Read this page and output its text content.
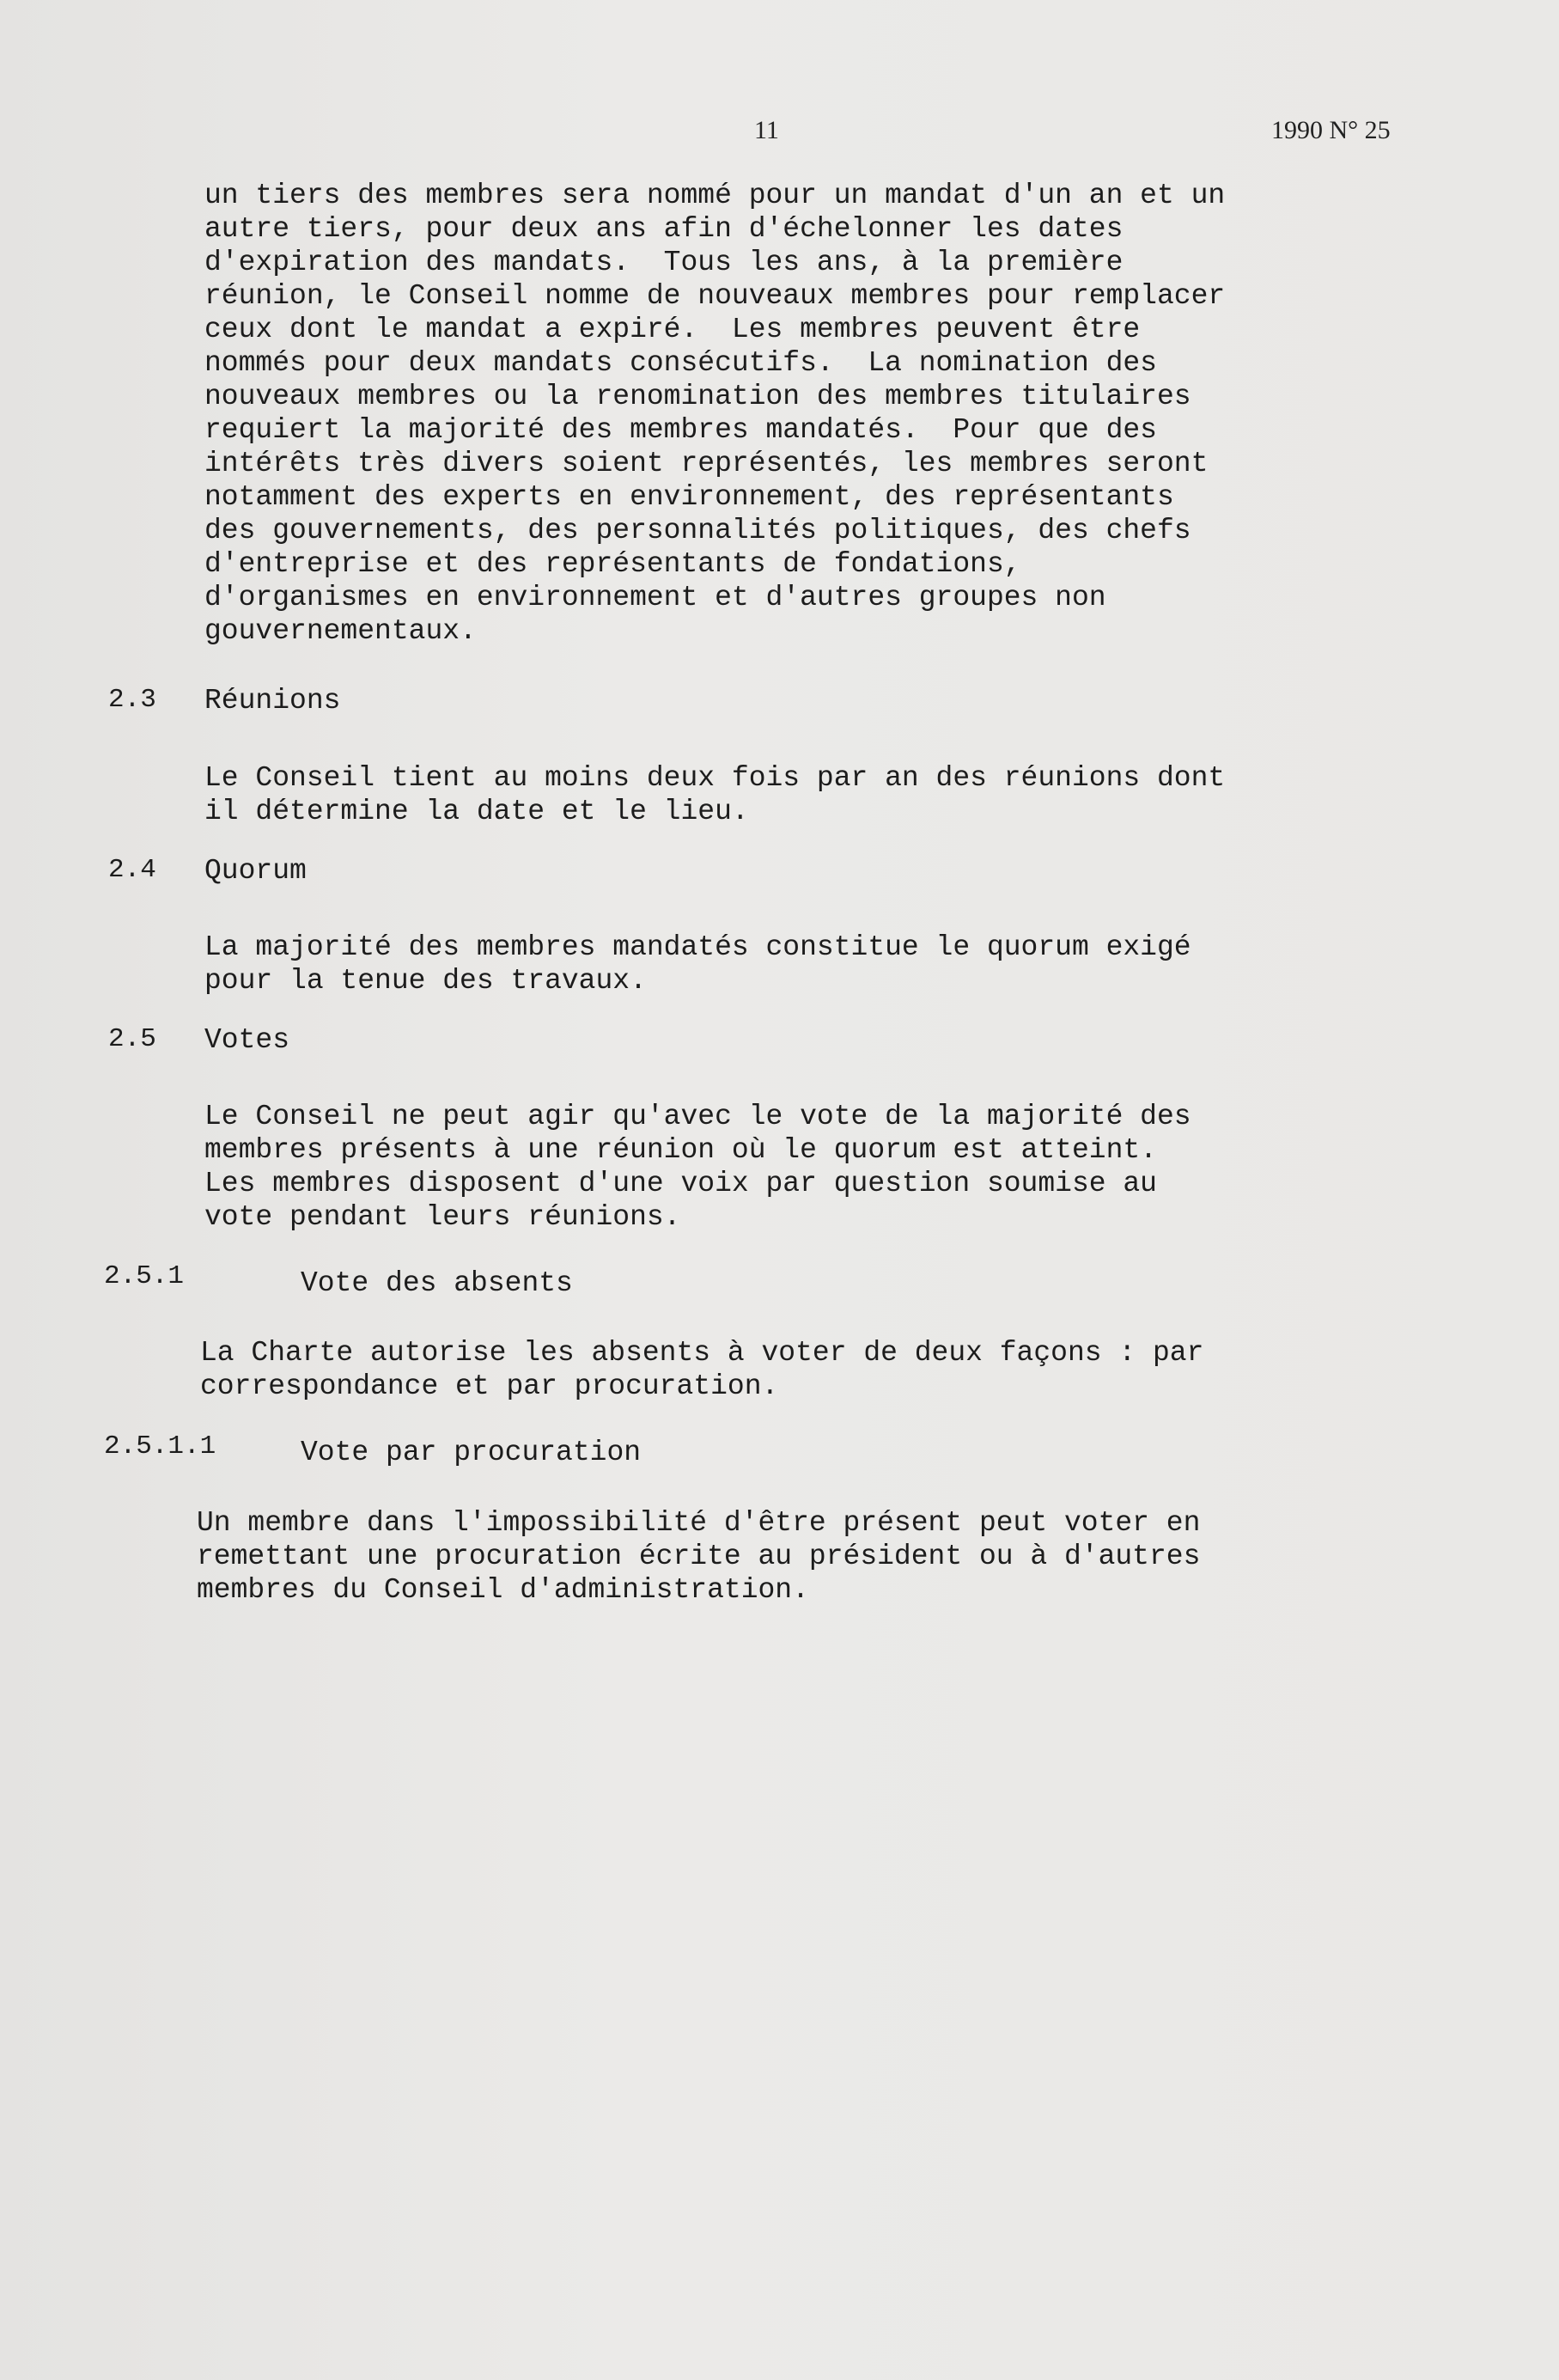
11	1990 N° 25

un tiers des membres sera nommé pour un mandat d'un an et un
autre tiers, pour deux ans afin d'échelonner les dates
d'expiration des mandats.  Tous les ans, à la première
réunion, le Conseil nomme de nouveaux membres pour remplacer
ceux dont le mandat a expiré.  Les membres peuvent être
nommés pour deux mandats consécutifs.  La nomination des
nouveaux membres ou la renomination des membres titulaires
requiert la majorité des membres mandatés.  Pour que des
intérêts très divers soient représentés, les membres seront
notamment des experts en environnement, des représentants
des gouvernements, des personnalités politiques, des chefs
d'entreprise et des représentants de fondations,
d'organismes en environnement et d'autres groupes non
gouvernementaux.

2.3 Réunions

Le Conseil tient au moins deux fois par an des réunions dont
il détermine la date et le lieu.

2.4 Quorum

La majorité des membres mandatés constitue le quorum exigé
pour la tenue des travaux.

2.5 Votes

Le Conseil ne peut agir qu'avec le vote de la majorité des
membres présents à une réunion où le quorum est atteint.
Les membres disposent d'une voix par question soumise au
vote pendant leurs réunions.

2.5.1	Vote des absents

La Charte autorise les absents à voter de deux façons : par
correspondance et par procuration.

2.5.1.1	Vote par procuration

Un membre dans l'impossibilité d'être présent peut voter en
remettant une procuration écrite au président ou à d'autres
membres du Conseil d'administration.
